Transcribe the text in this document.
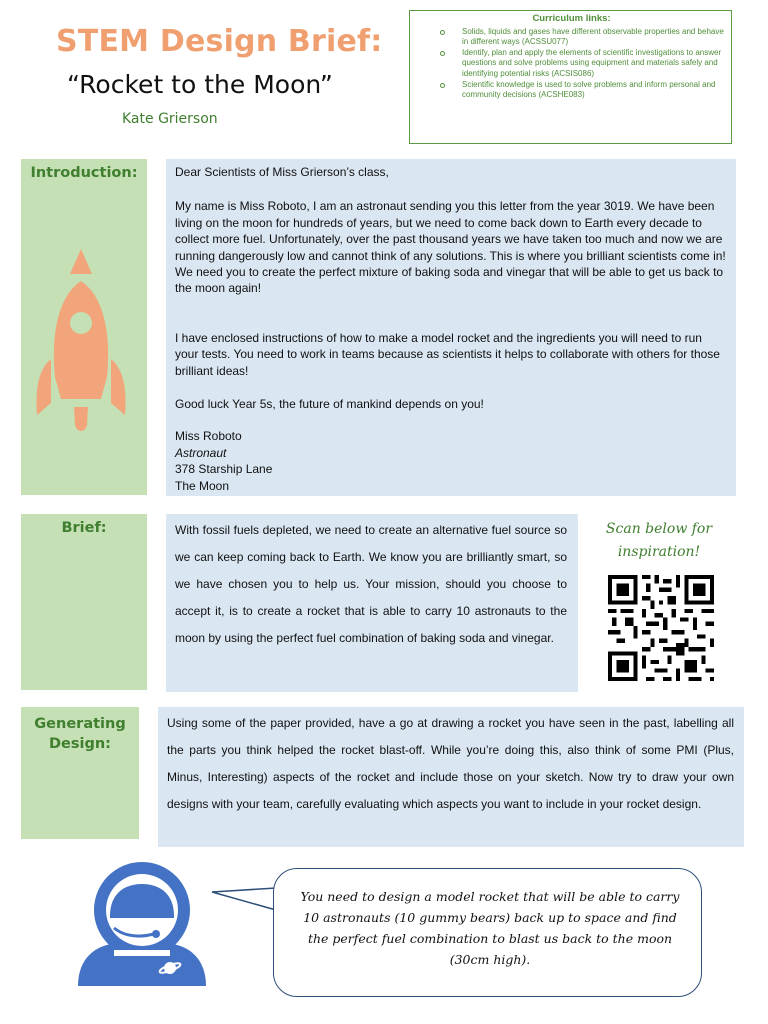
STEM Design Brief:
“Rocket to the Moon”
Kate Grierson
Curriculum links:
Solids, liquids and gases have different observable properties and behave in different ways (ACSSU077)
Identify, plan and apply the elements of scientific investigations to answer questions and solve problems using equipment and materials safely and identifying potential risks (ACSIS086)
Scientific knowledge is used to solve problems and inform personal and community decisions (ACSHE083)
Introduction:	Dear Scientists of Miss Grierson’s class,

My name is Miss Roboto, I am an astronaut sending you this letter from the year 3019. We have been living on the moon for hundreds of years, but we need to come back down to Earth every decade to collect more fuel. Unfortunately, over the past thousand years we have taken too much and now we are running dangerously low and cannot think of any solutions. This is where you brilliant scientists come in! We need you to create the perfect mixture of baking soda and vinegar that will be able to get us back to the moon again!

I have enclosed instructions of how to make a model rocket and the ingredients you will need to run your tests. You need to work in teams because as scientists it helps to collaborate with others for those brilliant ideas!

Good luck Year 5s, the future of mankind depends on you!

Miss Roboto

Astronaut

378 Starship Lane

The Moon

Brief:	With fossil fuels depleted, we need to create an alternative fuel source so we can keep coming back to Earth. We know you are brilliantly smart, so we have chosen you to help us. Your mission, should you choose to accept it, is to create a rocket that is able to carry 10 astronauts to the moon by using the perfect fuel combination of baking soda and vinegar.
Scan below for
inspiration!
Generating
Design:
Using some of the paper provided, have a go at drawing a rocket you have seen in the past, labelling all the parts you think helped the rocket blast-off. While you’re doing this, also think of some PMI (Plus, Minus, Interesting) aspects of the rocket and include those on your sketch. Now try to draw your own designs with your team, carefully evaluating which aspects you want to include in your rocket design.
You need to design a model rocket that will be able to carry 10 astronauts (10 gummy bears) back up to space and find the perfect fuel combination to blast us back to the moon (30cm high).
